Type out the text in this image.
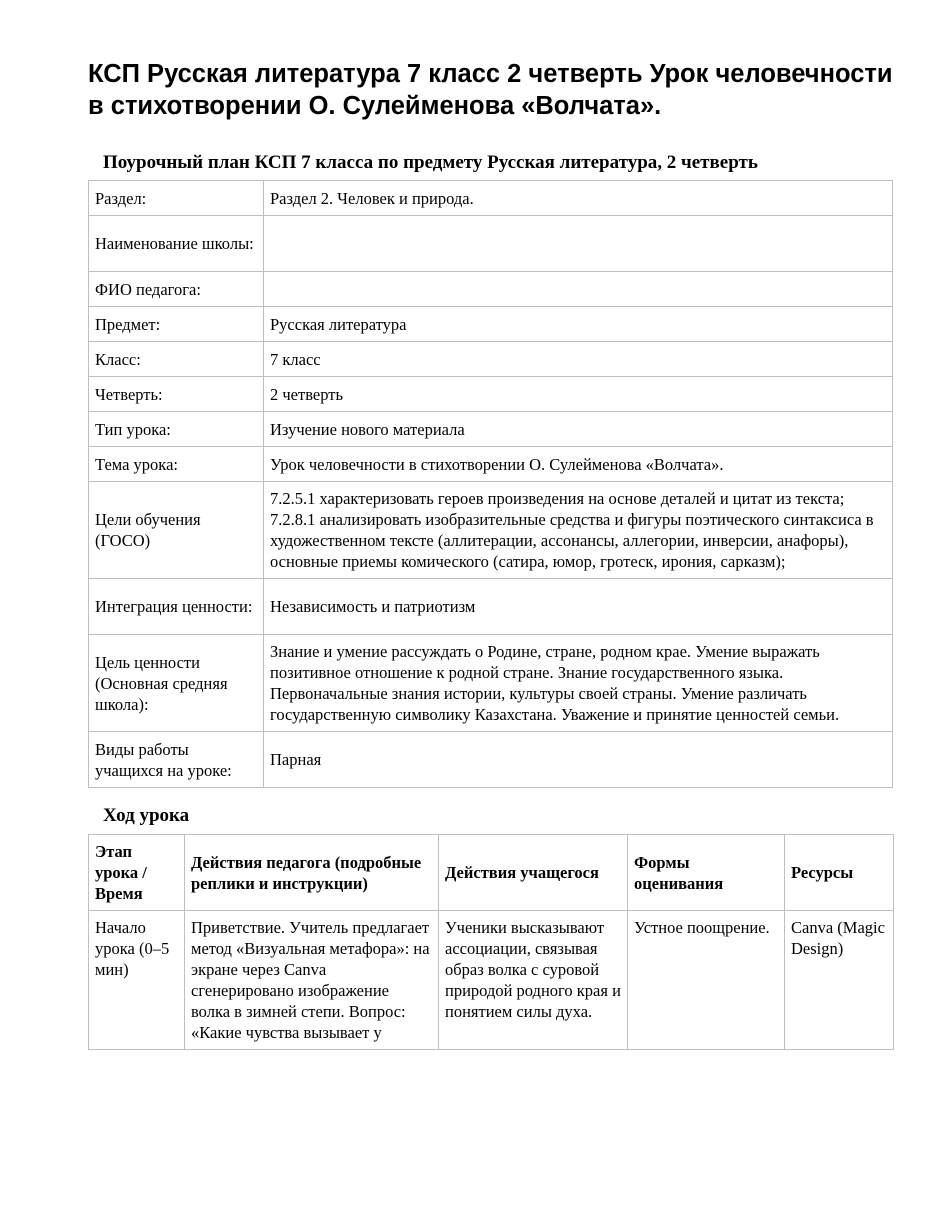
КСП Русская литература 7 класс 2 четверть Урок человечности в стихотворении О. Сулейменова «Волчата».
Поурочный план КСП 7 класса по предмету Русская литература, 2 четверть
Раздел:	Раздел 2. Человек и природа.
Наименование школы:	
ФИО педагога:	
Предмет:	Русская литература
Класс:	7 класс
Четверть:	2 четверть
Тип урока:	Изучение нового материала
Тема урока:	Урок человечности в стихотворении О. Сулейменова «Волчата».
Цели обучения (ГОСО)	7.2.5.1 характеризовать героев произведения на основе деталей и цитат из текста; 7.2.8.1 анализировать изобразительные средства и фигуры поэтического синтаксиса в художественном тексте (аллитерации, ассонансы, аллегории, инверсии, анафоры), основные приемы комического (сатира, юмор, гротеск, ирония, сарказм);
Интеграция ценности:	Независимость и патриотизм
Цель ценности (Основная средняя школа):	Знание и умение рассуждать о Родине, стране, родном крае. Умение выражать позитивное отношение к родной стране. Знание государственного языка. Первоначальные знания истории, культуры своей страны. Умение различать государственную символику Казахстана. Уважение и принятие ценностей семьи.
Виды работы учащихся на уроке:	Парная
Ход урока
Этап урока / Время	Действия педагога (подробные реплики и инструкции)	Действия учащегося	Формы оценивания	Ресурсы
Начало урока (0–5 мин)	Приветствие. Учитель предлагает метод «Визуальная метафора»: на экране через Canva сгенерировано изображение волка в зимней степи. Вопрос: «Какие чувства вызывает у	Ученики высказывают ассоциации, связывая образ волка с суровой природой родного края и понятием силы духа.	Устное поощрение.	Canva (Magic Design)
